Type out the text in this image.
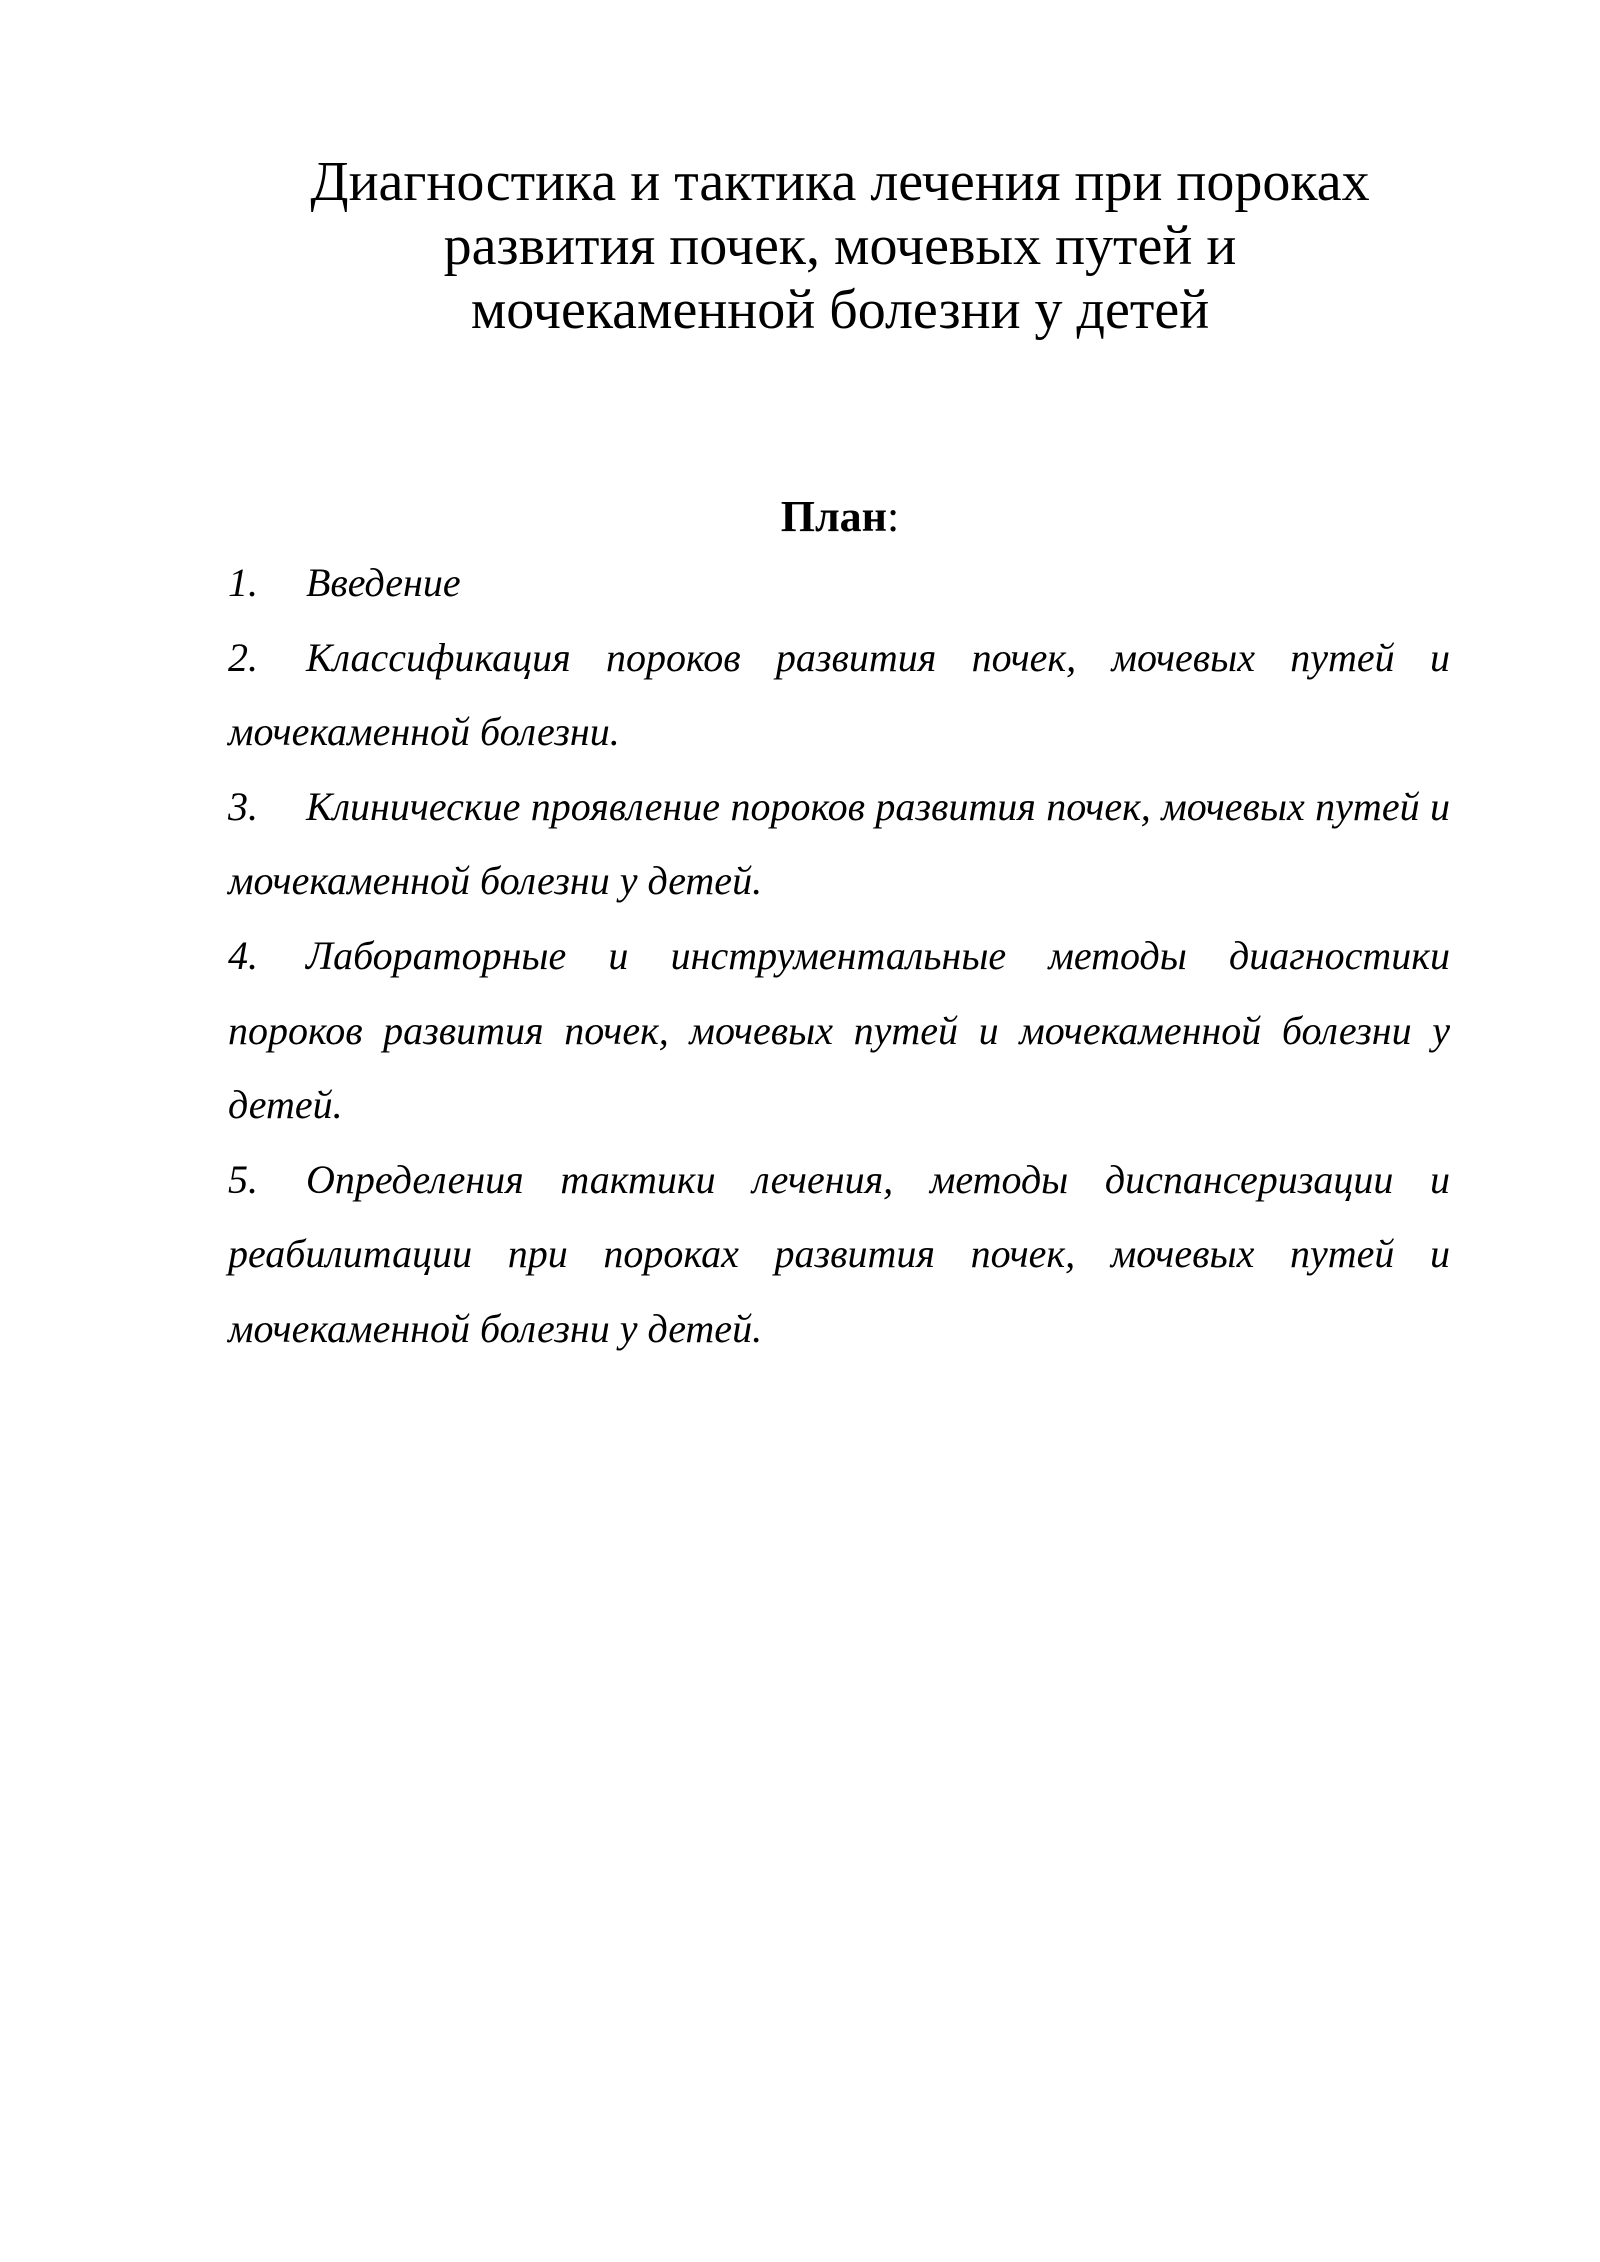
Диагностика и тактика лечения при пороках
развития почек, мочевых путей и
мочекаменной болезни у детей
План:
1. Введение
2. Классификация пороков развития почек, мочевых путей и мочекаменной болезни.
3. Клинические проявление пороков развития почек, мочевых путей и мочекаменной болезни у детей.
4. Лабораторные и инструментальные методы диагностики пороков развития почек, мочевых путей и мочекаменной болезни у детей.
5. Определения тактики лечения, методы диспансеризации и реабилитации при пороках развития почек, мочевых путей и мочекаменной болезни у детей.
